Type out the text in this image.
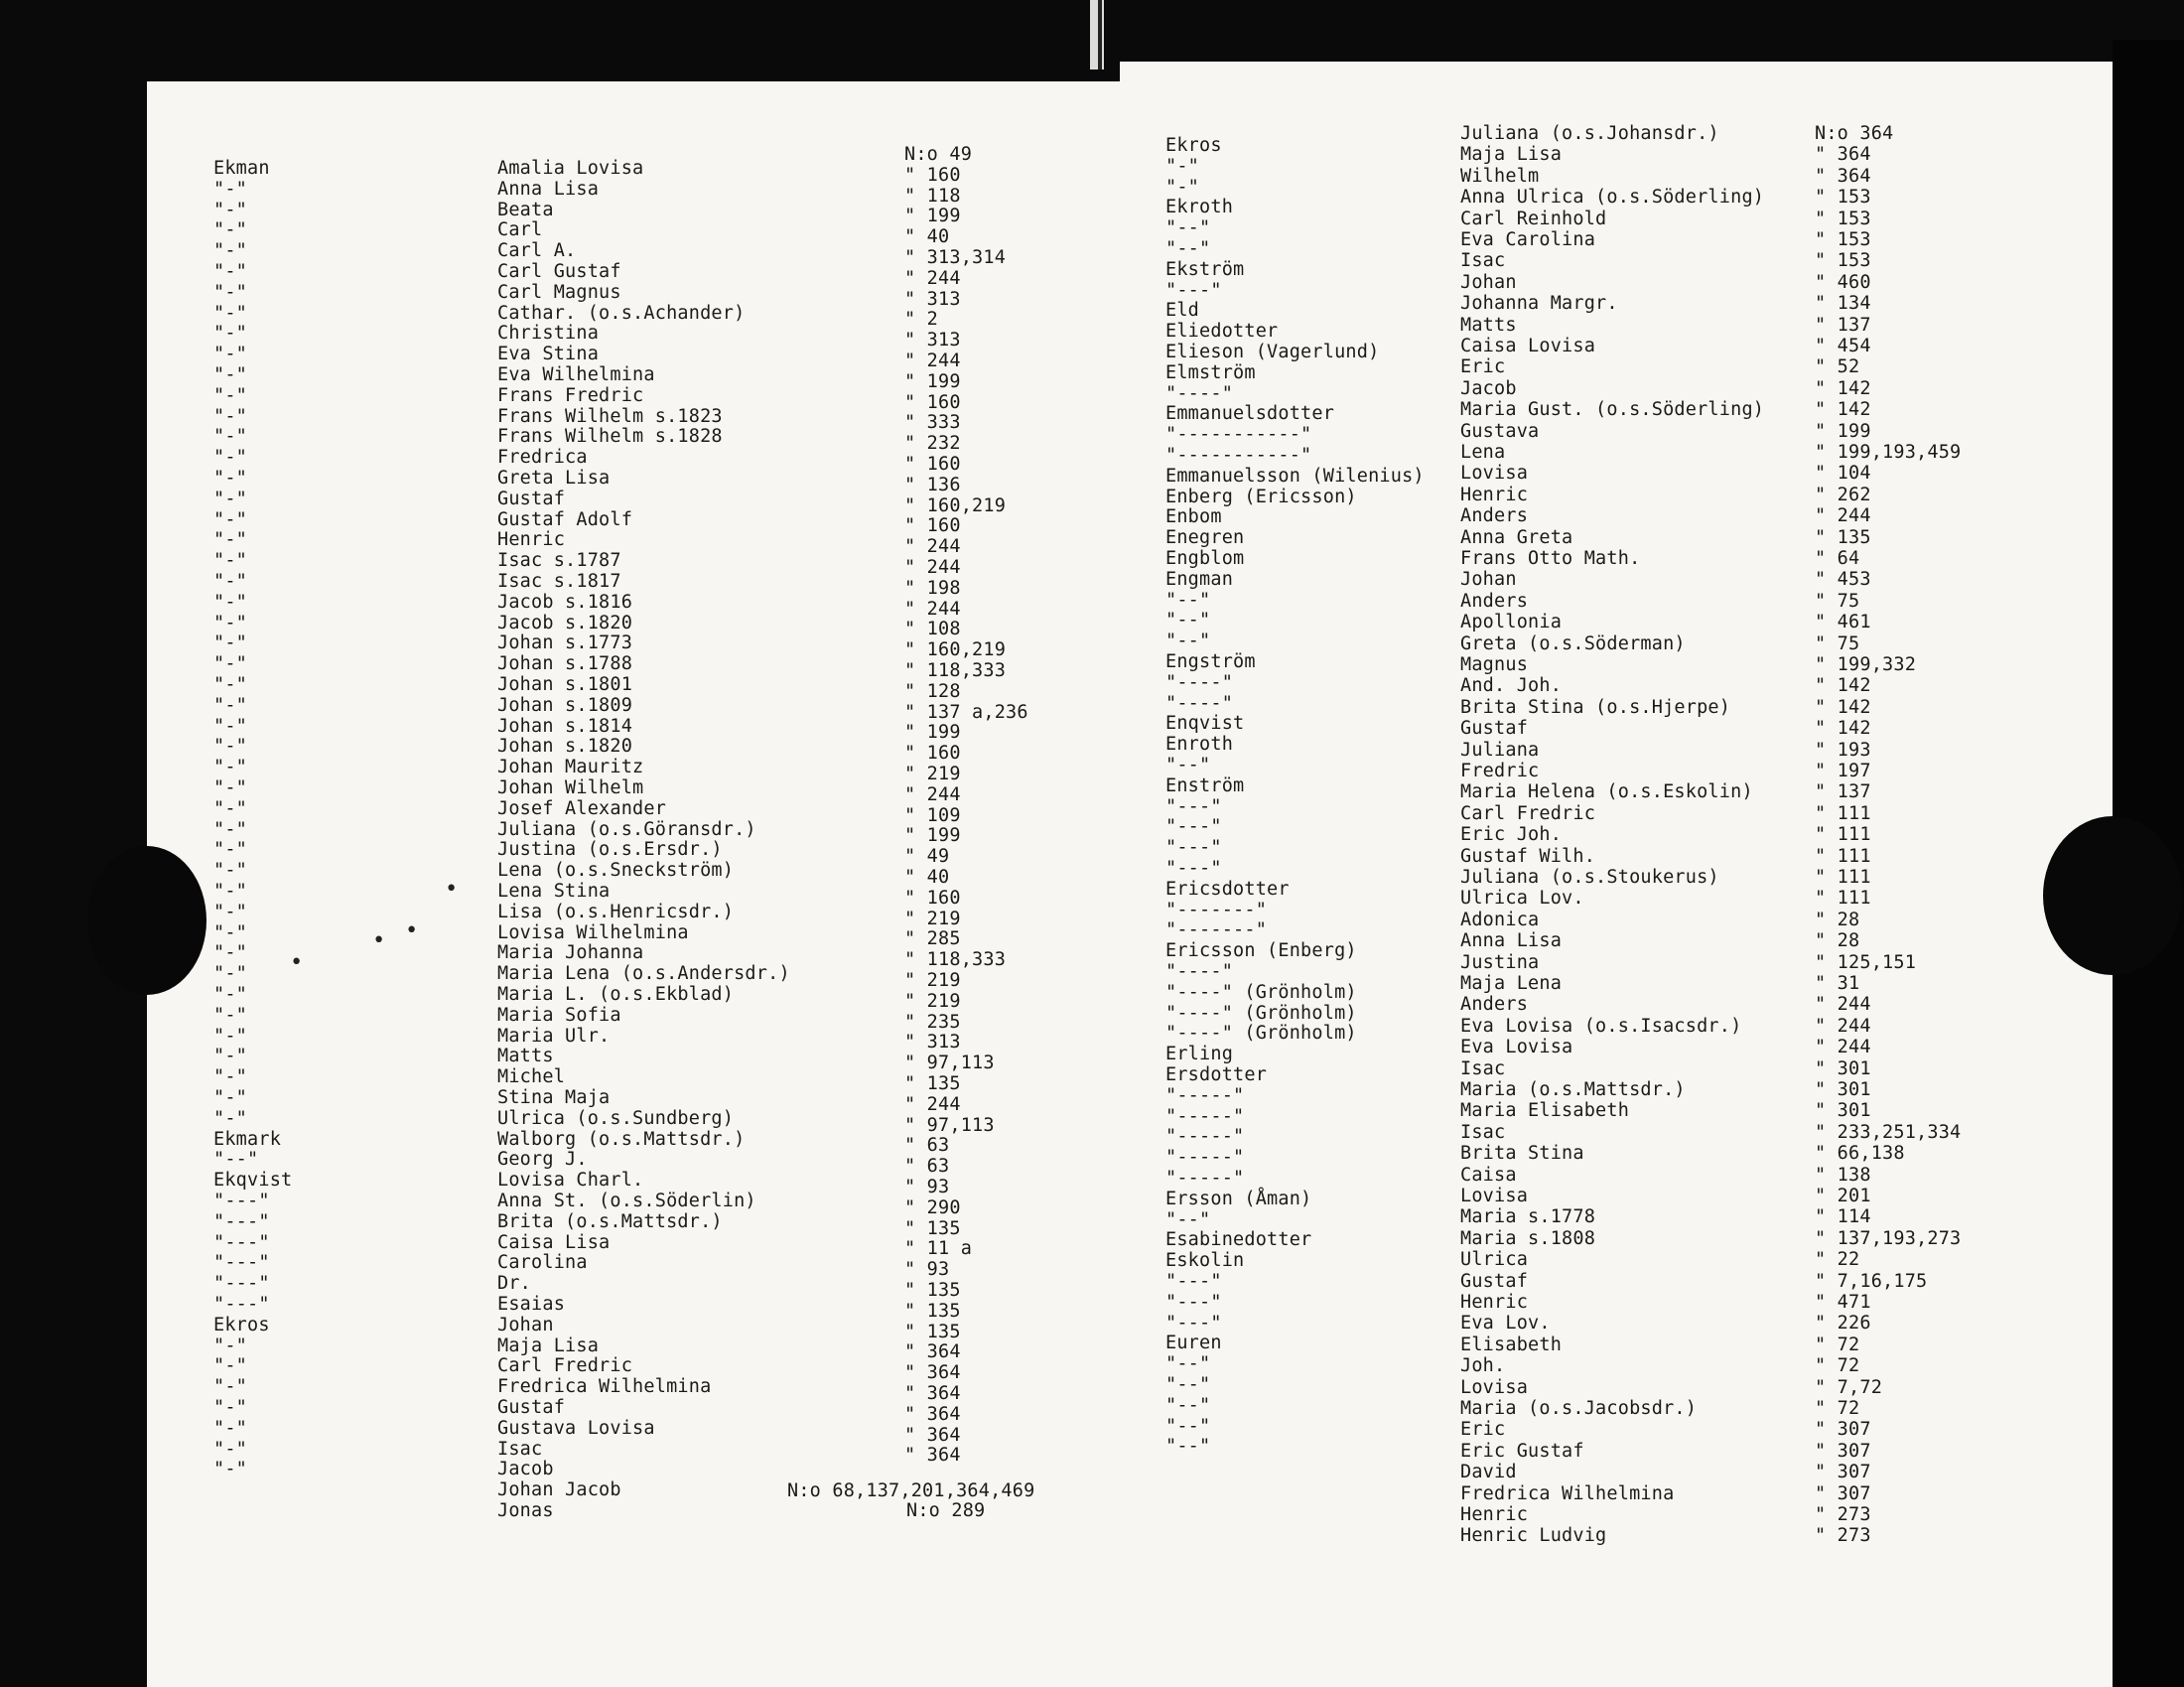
Ekman
"-"
"-"
"-"
"-"
"-"
"-"
"-"
"-"
"-"
"-"
"-"
"-"
"-"
"-"
"-"
"-"
"-"
"-"
"-"
"-"
"-"
"-"
"-"
"-"
"-"
"-"
"-"
"-"
"-"
"-"
"-"
"-"
"-"
"-"
"-"
"-"
"-"
"-"
"-"
"-"
"-"
"-"
"-"
"-"
"-"
"-"
Ekmark
"--"
Ekqvist
"---"
"---"
"---"
"---"
"---"
"---"
Ekros
"-"
"-"
"-"
"-"
"-"
"-"
"-"
Amalia Lovisa
Anna Lisa
Beata
Carl
Carl A.
Carl Gustaf
Carl Magnus
Cathar. (o.s.Achander)
Christina
Eva Stina
Eva Wilhelmina
Frans Fredric
Frans Wilhelm s.1823
Frans Wilhelm s.1828
Fredrica
Greta Lisa
Gustaf
Gustaf Adolf
Henric
Isac s.1787
Isac s.1817
Jacob s.1816
Jacob s.1820
Johan s.1773
Johan s.1788
Johan s.1801
Johan s.1809
Johan s.1814
Johan s.1820
Johan Mauritz
Johan Wilhelm
Josef Alexander
Juliana (o.s.Göransdr.)
Justina (o.s.Ersdr.)
Lena (o.s.Sneckström)
Lena Stina
Lisa (o.s.Henricsdr.)
Lovisa Wilhelmina
Maria Johanna
Maria Lena (o.s.Andersdr.)
Maria L. (o.s.Ekblad)
Maria Sofia
Maria Ulr.
Matts
Michel
Stina Maja
Ulrica (o.s.Sundberg)
Walborg (o.s.Mattsdr.)
Georg J.
Lovisa Charl.
Anna St. (o.s.Söderlin)
Brita (o.s.Mattsdr.)
Caisa Lisa
Carolina
Dr.
Esaias
Johan
Maja Lisa
Carl Fredric
Fredrica Wilhelmina
Gustaf
Gustava Lovisa
Isac
Jacob
Johan Jacob
Jonas
N:o 49
" 160
" 118
" 199
" 40
" 313,314
" 244
" 313
" 2
" 313
" 244
" 199
" 160
" 333
" 232
" 160
" 136
" 160,219
" 160
" 244
" 244
" 198
" 244
" 108
" 160,219
" 118,333
" 128
" 137 a,236
" 199
" 160
" 219
" 244
" 109
" 199
" 49
" 40
" 160
" 219
" 285
" 118,333
" 219
" 219
" 235
" 313
" 97,113
" 135
" 244
" 97,113
" 63
" 63
" 93
" 290
" 135
" 11 a
" 93
" 135
" 135
" 135
" 364
" 364
" 364
" 364
" 364
" 364
N:o 68,137,201,364,469
N:o 289
•
•
•
•
Ekros
"-"
"-"
Ekroth
"--"
"--"
Ekström
"---"
Eld
Eliedotter
Elieson (Vagerlund)
Elmström
"----"
Emmanuelsdotter
"-----------"
"-----------"
Emmanuelsson (Wilenius)
Enberg (Ericsson)
Enbom
Enegren
Engblom
Engman
"--"
"--"
"--"
Engström
"----"
"----"
Enqvist
Enroth
"--"
Enström
"---"
"---"
"---"
"---"
Ericsdotter
"-------"
"-------"
Ericsson (Enberg)
"----"
"----" (Grönholm)
"----" (Grönholm)
"----" (Grönholm)
Erling
Ersdotter
"-----"
"-----"
"-----"
"-----"
"-----"
Ersson (Åman)
"--"
Esabinedotter
Eskolin
"---"
"---"
"---"
Euren
"--"
"--"
"--"
"--"
"--"
Juliana (o.s.Johansdr.)
Maja Lisa
Wilhelm
Anna Ulrica (o.s.Söderling)
Carl Reinhold
Eva Carolina
Isac
Johan
Johanna Margr.
Matts
Caisa Lovisa
Eric
Jacob
Maria Gust. (o.s.Söderling)
Gustava
Lena
Lovisa
Henric
Anders
Anna Greta
Frans Otto Math.
Johan
Anders
Apollonia
Greta (o.s.Söderman)
Magnus
And. Joh.
Brita Stina (o.s.Hjerpe)
Gustaf
Juliana
Fredric
Maria Helena (o.s.Eskolin)
Carl Fredric
Eric Joh.
Gustaf Wilh.
Juliana (o.s.Stoukerus)
Ulrica Lov.
Adonica
Anna Lisa
Justina
Maja Lena
Anders
Eva Lovisa (o.s.Isacsdr.)
Eva Lovisa
Isac
Maria (o.s.Mattsdr.)
Maria Elisabeth
Isac
Brita Stina
Caisa
Lovisa
Maria s.1778
Maria s.1808
Ulrica
Gustaf
Henric
Eva Lov.
Elisabeth
Joh.
Lovisa
Maria (o.s.Jacobsdr.)
Eric
Eric Gustaf
David
Fredrica Wilhelmina
Henric
Henric Ludvig
N:o 364
" 364
" 364
" 153
" 153
" 153
" 153
" 460
" 134
" 137
" 454
" 52
" 142
" 142
" 199
" 199,193,459
" 104
" 262
" 244
" 135
" 64
" 453
" 75
" 461
" 75
" 199,332
" 142
" 142
" 142
" 193
" 197
" 137
" 111
" 111
" 111
" 111
" 111
" 28
" 28
" 125,151
" 31
" 244
" 244
" 244
" 301
" 301
" 301
" 233,251,334
" 66,138
" 138
" 201
" 114
" 137,193,273
" 22
" 7,16,175
" 471
" 226
" 72
" 72
" 7,72
" 72
" 307
" 307
" 307
" 307
" 273
" 273
